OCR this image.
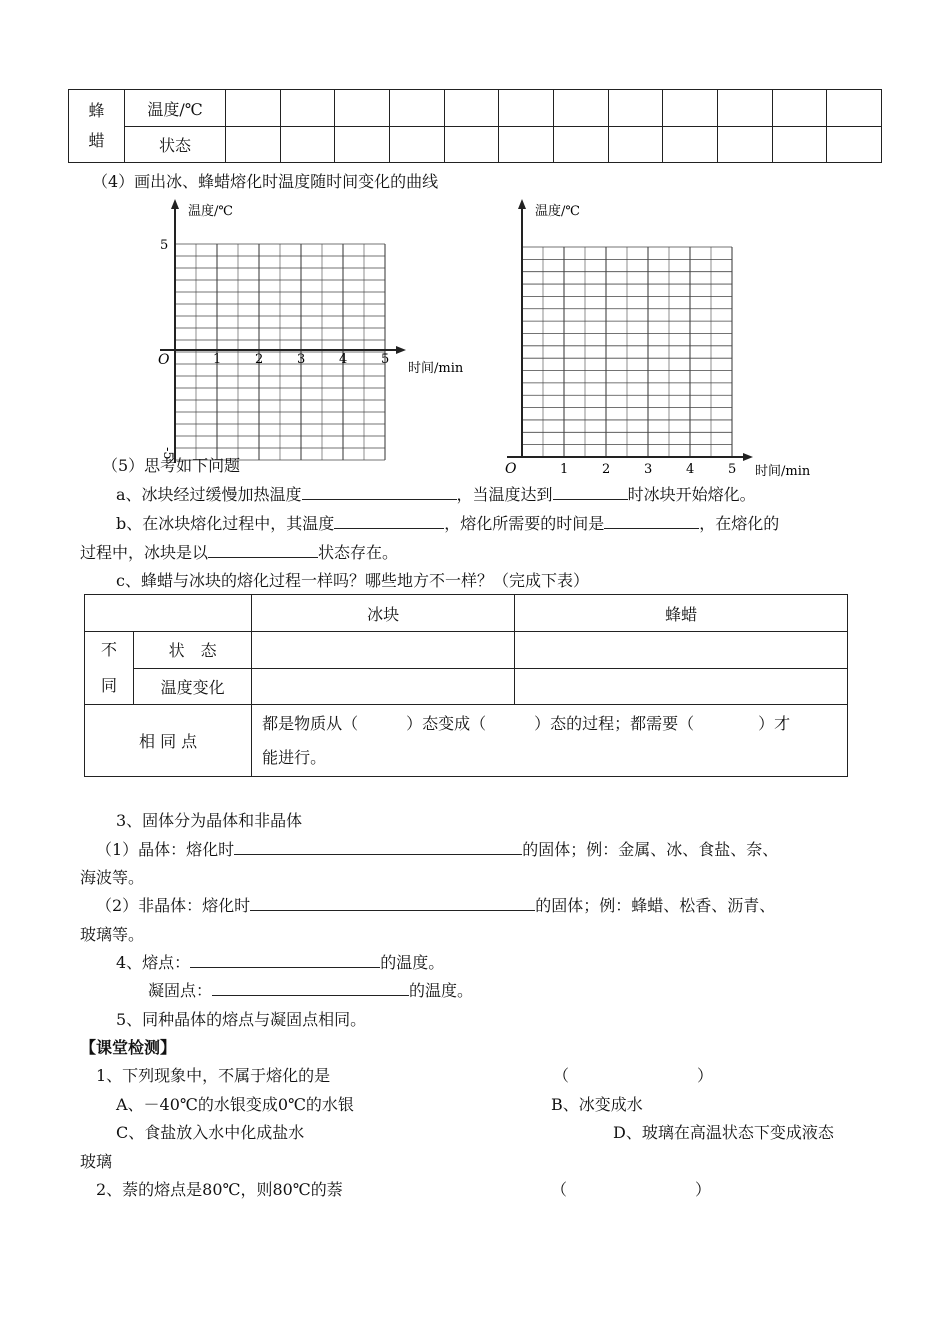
蜂
蜡	温度/℃												
	状态												
（4）画出冰、蜂蜡熔化时温度随时间变化的曲线
温度/℃
时间/min
O
5
-5
1	2	3	4	5
温度/℃
时间/min
O	1	2	3	4	5
（5）思考如下问题
a、冰块经过缓慢加热温度	，当温度达到	时冰块开始熔化。
b、在冰块熔化过程中，其温度	，熔化所需要的时间是	，在熔化的
过程中，冰块是以	状态存在。
c、蜂蜡与冰块的熔化过程一样吗？哪些地方不一样？（完成下表）
		冰块	蜂蜡
不
同	状　态		
	温度变化		
相 同 点		都是物质从（　　　）态变成（　　　）态的过程；都需要（　　　　）才
能进行。	
3、固体分为晶体和非晶体
（1）晶体：熔化时	的固体；例：金属、冰、食盐、奈、
海波等。
（2）非晶体：熔化时	的固体；例：蜂蜡、松香、沥青、
玻璃等。
4、熔点：	的温度。
凝固点：	的温度。
5、同种晶体的熔点与凝固点相同。
【课堂检测】
1、下列现象中，不属于熔化的是	（　　　　　　　　）
A、－40℃的水银变成0℃的水银	B、冰变成水
C、食盐放入水中化成盐水	D、玻璃在高温状态下变成液态
玻璃
2、萘的熔点是80℃，则80℃的萘	（　　　　　　　　）
